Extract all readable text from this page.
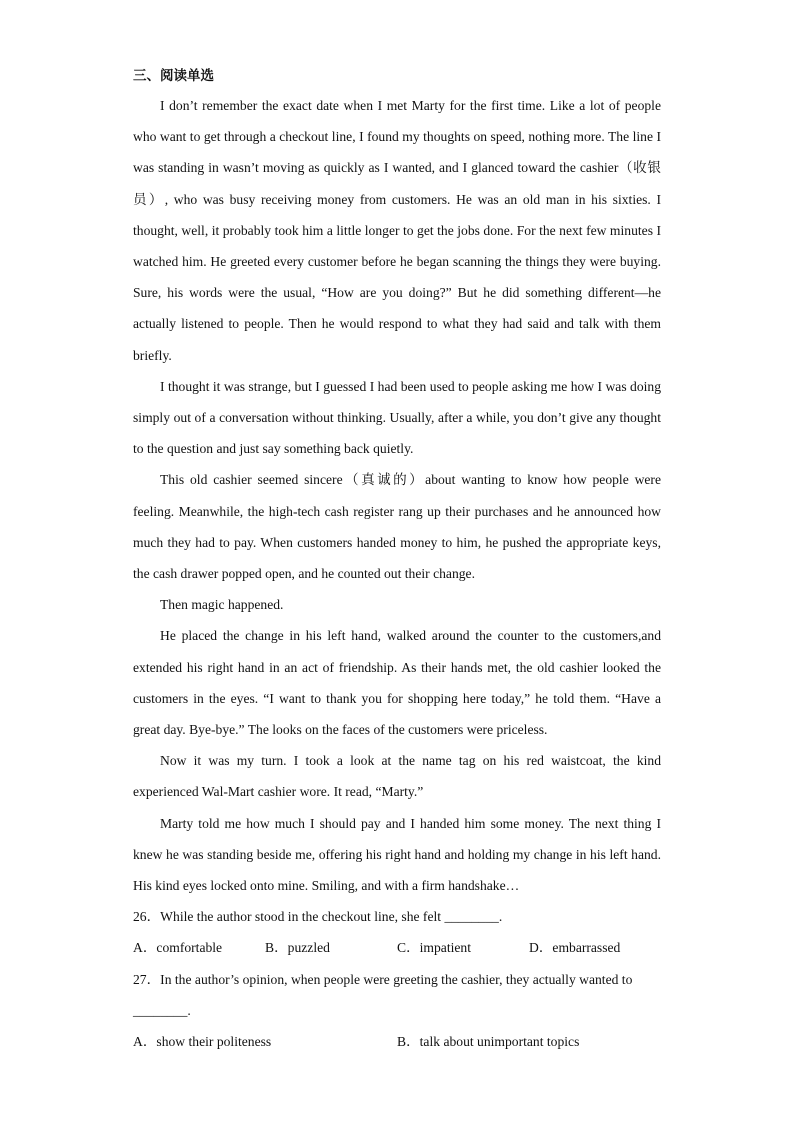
三、阅读单选

I don’t remember the exact date when I met Marty for the first time. Like a lot of people who want to get through a checkout line, I found my thoughts on speed, nothing more. The line I was standing in wasn’t moving as quickly as I wanted, and I glanced toward the cashier（收银员）, who was busy receiving money from customers. He was an old man in his sixties. I thought, well, it probably took him a little longer to get the jobs done. For the next few minutes I watched him. He greeted every customer before he began scanning the things they were buying. Sure, his words were the usual, “How are you doing?” But he did something different—he actually listened to people. Then he would respond to what they had said and talk with them briefly.

I thought it was strange, but I guessed I had been used to people asking me how I was doing simply out of a conversation without thinking. Usually, after a while, you don’t give any thought to the question and just say something back quietly.

This old cashier seemed sincere（真诚的）about wanting to know how people were feeling. Meanwhile, the high-tech cash register rang up their purchases and he announced how much they had to pay. When customers handed money to him, he pushed the appropriate keys, the cash drawer popped open, and he counted out their change.

Then magic happened.

He placed the change in his left hand, walked around the counter to the customers,and extended his right hand in an act of friendship. As their hands met, the old cashier looked the customers in the eyes. “I want to thank you for shopping here today,” he told them. “Have a great day. Bye-bye.” The looks on the faces of the customers were priceless.

Now it was my turn. I took a look at the name tag on his red waistcoat, the kind experienced Wal-Mart cashier wore. It read, “Marty.”

Marty told me how much I should pay and I handed him some money. The next thing I knew he was standing beside me, offering his right hand and holding my change in his left hand. His kind eyes locked onto mine. Smiling, and with a firm handshake…

26．While the author stood in the checkout line, she felt ________.

A．comfortable	B．puzzled	C．impatient	D．embarrassed

27．In the author’s opinion, when people were greeting the cashier, they actually wanted to ________.

A．show their politeness	B．talk about unimportant topics
